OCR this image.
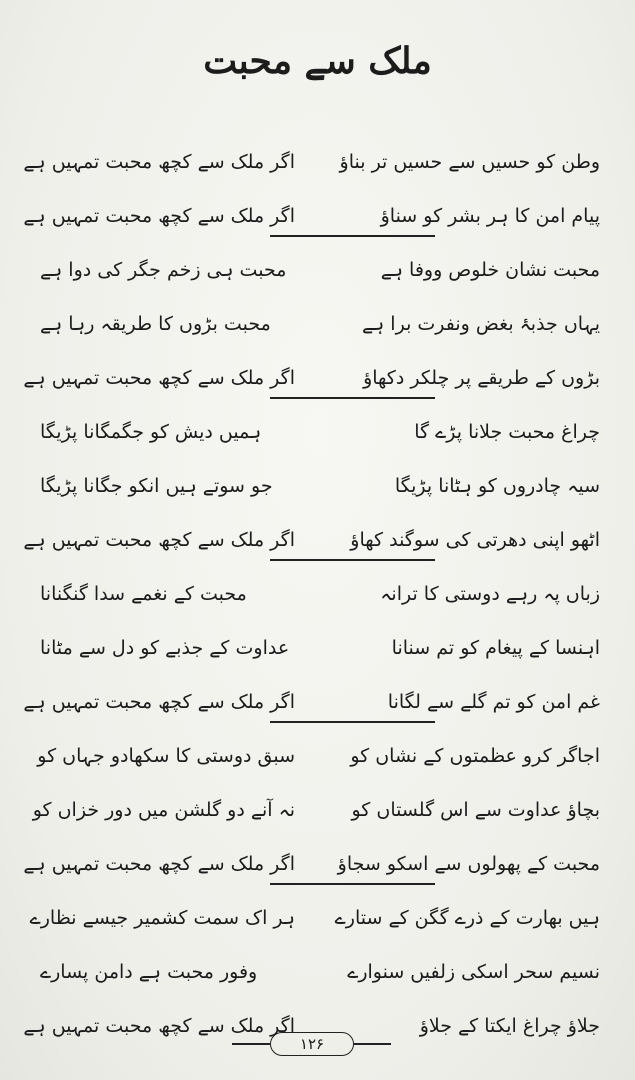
ملک سے محبت
وطن کو حسیں سے حسیں تر بناؤ
اگر ملک سے کچھ محبت تمہیں ہے
پیام امن کا ہر بشر کو سناؤ
اگر ملک سے کچھ محبت تمہیں ہے
محبت نشان خلوص ووفا ہے
محبت ہی زخم جگر کی دوا ہے
یہاں جذبۂ بغض ونفرت برا ہے
محبت بڑوں کا طریقہ رہا ہے
بڑوں کے طریقے پر چلکر دکھاؤ
اگر ملک سے کچھ محبت تمہیں ہے
چراغ محبت جلانا پڑے گا
ہمیں دیش کو جگمگانا پڑیگا
سیہ چادروں کو ہٹانا پڑیگا
جو سوتے ہیں انکو جگانا پڑیگا
اٹھو اپنی دھرتی کی سوگند کھاؤ
اگر ملک سے کچھ محبت تمہیں ہے
زباں پہ رہے دوستی کا ترانہ
محبت کے نغمے سدا گنگنانا
اہنسا کے پیغام کو تم سنانا
عداوت کے جذبے کو دل سے مٹانا
غم امن کو تم گلے سے لگانا
اگر ملک سے کچھ محبت تمہیں ہے
اجاگر کرو عظمتوں کے نشاں کو
سبق دوستی کا سکھادو جہاں کو
بچاؤ عداوت سے اس گلستاں کو
نہ آنے دو گلشن میں دور خزاں کو
محبت کے پھولوں سے اسکو سجاؤ
اگر ملک سے کچھ محبت تمہیں ہے
ہیں بھارت کے ذرے گگن کے ستارے
ہر اک سمت کشمیر جیسے نظارے
نسیم سحر اسکی زلفیں سنوارے
وفور محبت ہے دامن پسارے
جلاؤ چراغ ایکتا کے جلاؤ
اگر ملک سے کچھ محبت تمہیں ہے
۱۲۶
